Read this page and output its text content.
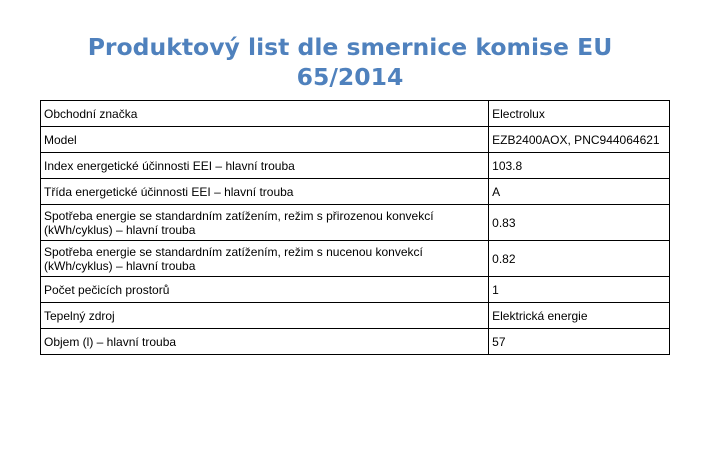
Produktový list dle smernice komise EU
65/2014
Obchodní značka	Electrolux
Model	EZB2400AOX, PNC944064621
Index energetické účinnosti EEI – hlavní trouba	103.8
Třída energetické účinnosti EEI – hlavní trouba	A
Spotřeba energie se standardním zatížením, režim s přirozenou konvekcí (kWh/cyklus) – hlavní trouba	0.83
Spotřeba energie se standardním zatížením, režim s nucenou konvekcí (kWh/cyklus) – hlavní trouba	0.82
Počet pečicích prostorů	1
Tepelný zdroj	Elektrická energie
Objem (l) – hlavní trouba	57
